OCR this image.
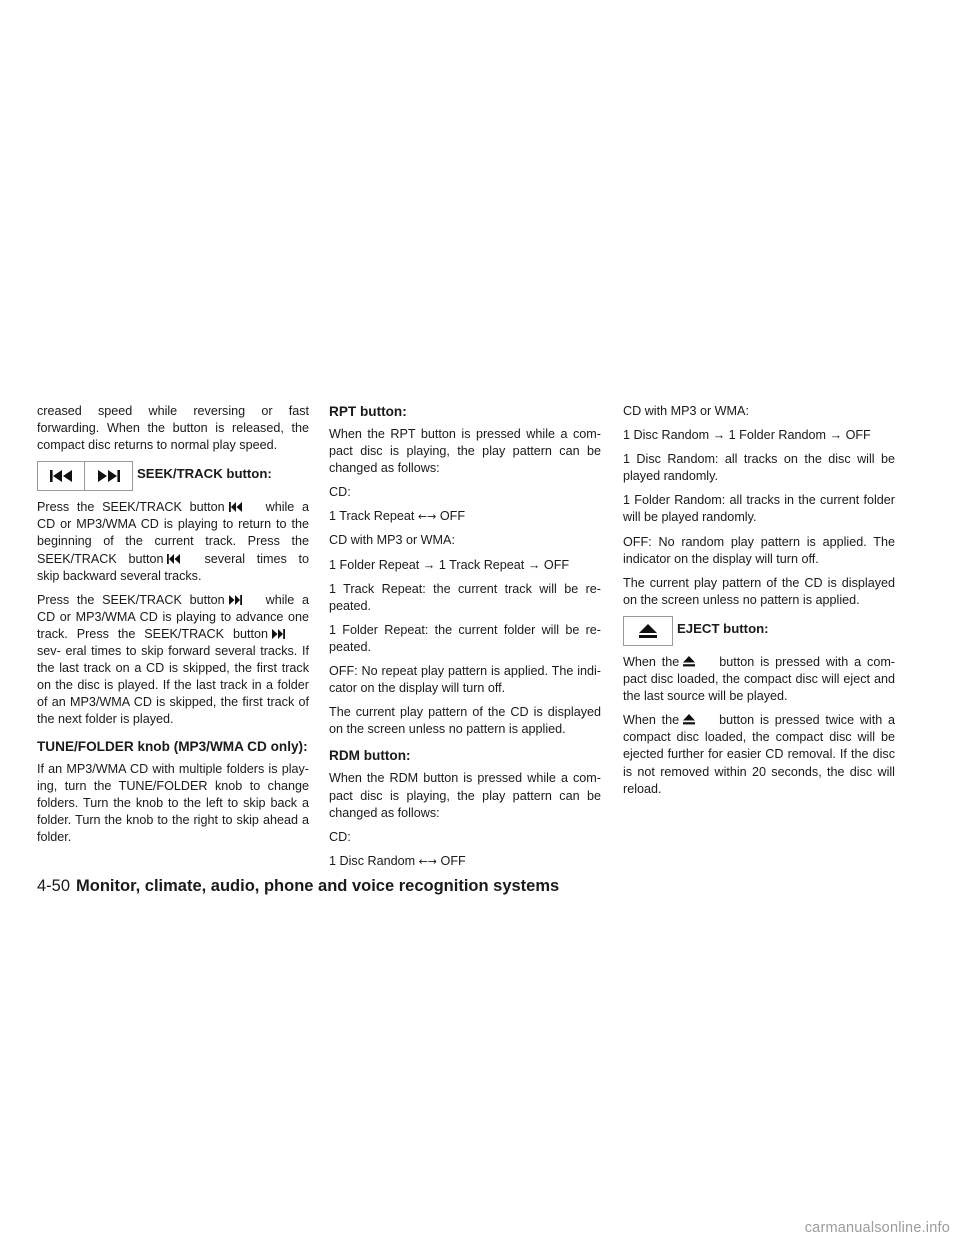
creased speed while reversing or fast forwarding. When the button is released, the compact disc returns to normal play speed.

SEEK/TRACK button:

Press the SEEK/TRACK button	while a CD or MP3/WMA CD is playing to return to the beginning of the current track. Press the SEEK/TRACK button	several times to skip backward several tracks.

Press the SEEK/TRACK button	while a CD or MP3/WMA CD is playing to advance one track. Press the SEEK/TRACK buttonsev- eral times to skip forward several tracks. If the last track on a CD is skipped, the first track on the disc is played. If the last track in a folder of an MP3/WMA CD is skipped, the first track of the next folder is played.

TUNE/FOLDER knob (MP3/WMA CD only):

If an MP3/WMA CD with multiple folders is play- ing, turn the TUNE/FOLDER knob to change folders. Turn the knob to the left to skip back a folder. Turn the knob to the right to skip ahead a folder.

RPT button:

When the RPT button is pressed while a com- pact disc is playing, the play pattern can be changed as follows:

CD:

1 Track Repeat ←→ OFF

CD with MP3 or WMA:

1 Folder Repeat → 1 Track Repeat → OFF

1 Track Repeat: the current track will be re- peated.

1 Folder Repeat: the current folder will be re- peated.

OFF: No repeat play pattern is applied. The indi- cator on the display will turn off.

The current play pattern of the CD is displayed on the screen unless no pattern is applied.

RDM button:

When the RDM button is pressed while a com- pact disc is playing, the play pattern can be changed as follows:

CD:

1 Disc Random ←→ OFF

CD with MP3 or WMA:

1 Disc Random → 1 Folder Random → OFF

1 Disc Random: all tracks on the disc will be played randomly.

1 Folder Random: all tracks in the current folder will be played randomly.

OFF: No random play pattern is applied. The indicator on the display will turn off.

The current play pattern of the CD is displayed on the screen unless no pattern is applied.

EJECT button:

When the	button is pressed with a com- pact disc loaded, the compact disc will eject and the last source will be played.

When the	button is pressed twice with a compact disc loaded, the compact disc will be ejected further for easier CD removal. If the disc is not removed within 20 seconds, the disc will reload.

4-50 Monitor, climate, audio, phone and voice recognition systems
carmanualsonline.info
